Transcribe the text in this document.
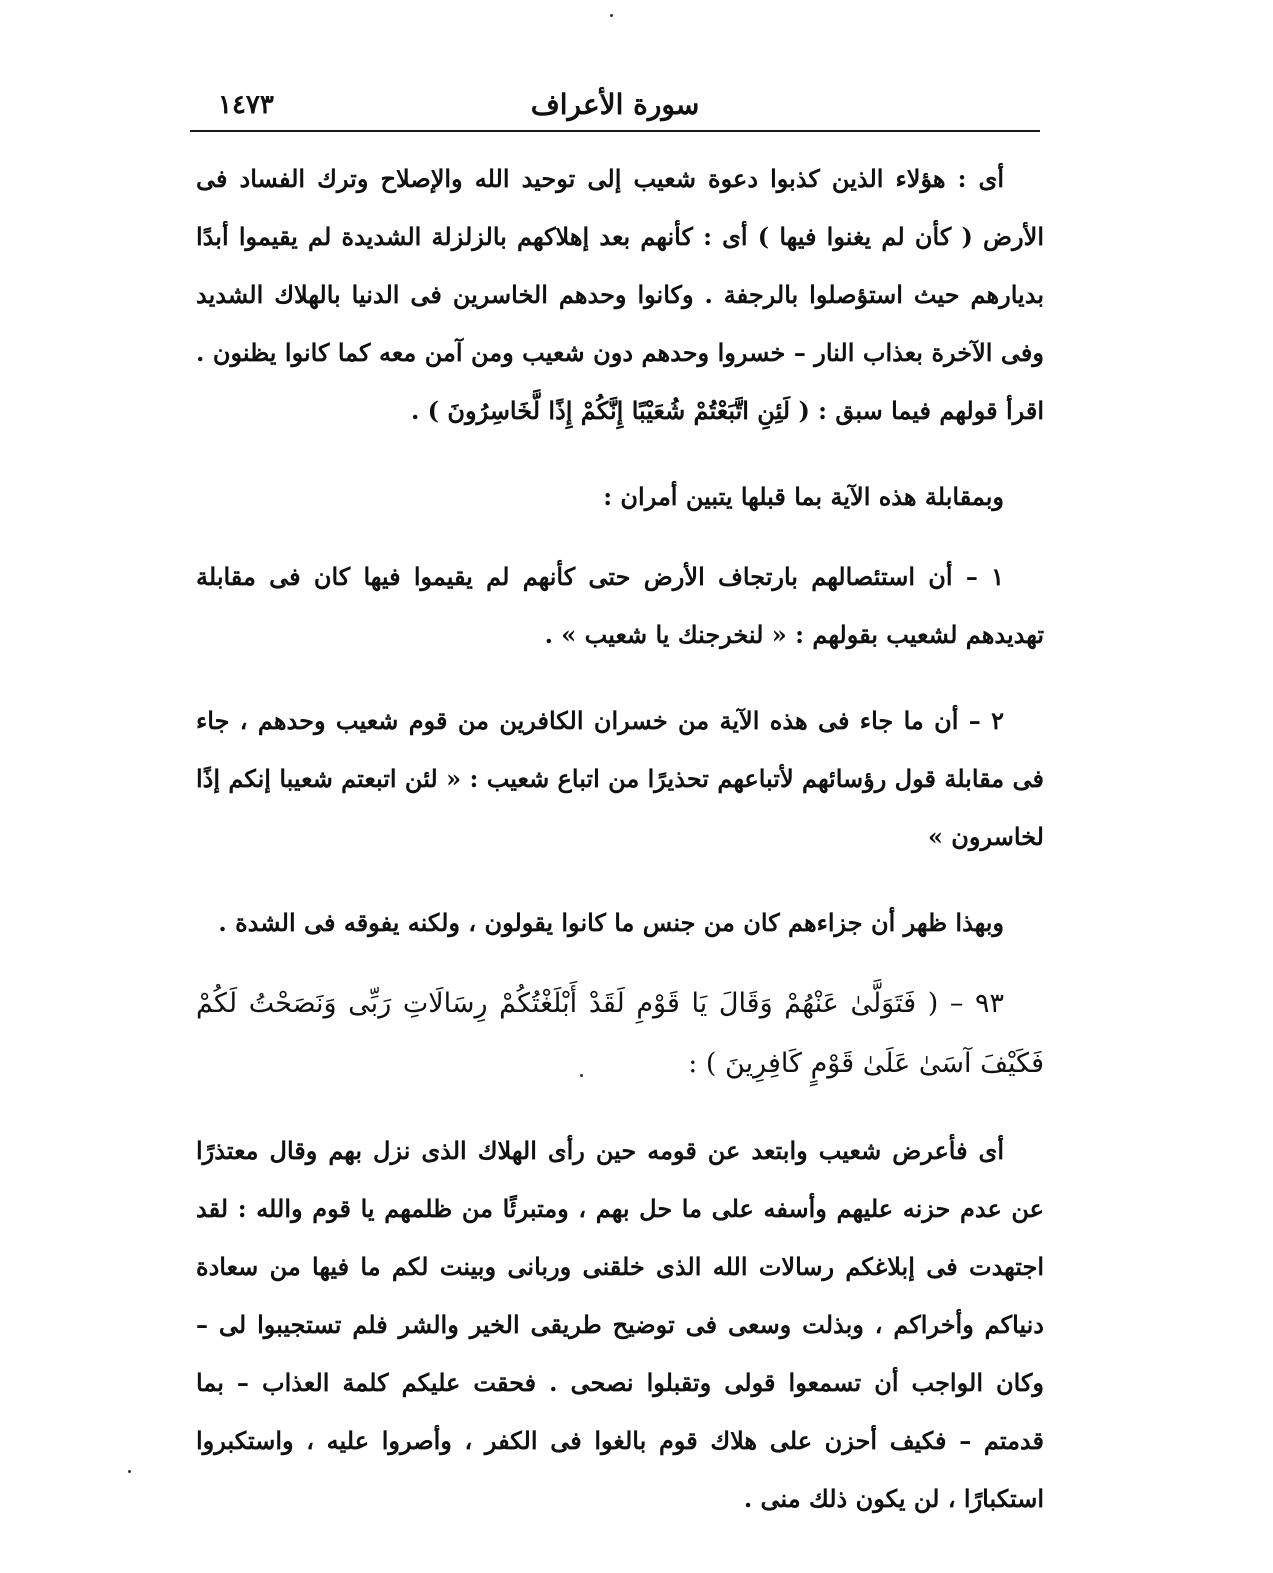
١٤٧٣	سورة الأعراف

أى : هؤلاء الذين كذبوا دعوة شعيب إلى توحيد الله والإصلاح وترك الفساد فى الأرض ( كأن لم يغنوا فيها ) أى : كأنهم بعد إهلاكهم بالزلزلة الشديدة لم يقيموا أبدًا بديارهم حيث استؤصلوا بالرجفة . وكانوا وحدهم الخاسرين فى الدنيا بالهلاك الشديد وفى الآخرة بعذاب النار – خسروا وحدهم دون شعيب ومن آمن معه كما كانوا يظنون . اقرأ قولهم فيما سبق : ( لَئِنِ اتَّبَعْتُمْ شُعَيْبًا إِنَّكُمْ إِذًا لَّخَاسِرُونَ ) .

وبمقابلة هذه الآية بما قبلها يتبين أمران :

١ – أن استئصالهم بارتجاف الأرض حتى كأنهم لم يقيموا فيها كان فى مقابلة تهديدهم لشعيب بقولهم : « لنخرجنك يا شعيب » .

٢ – أن ما جاء فى هذه الآية من خسران الكافرين من قوم شعيب وحدهم ، جاء فى مقابلة قول رؤسائهم لأتباعهم تحذيرًا من اتباع شعيب : « لئن اتبعتم شعيبا إنكم إذًا لخاسرون »

وبهذا ظهر أن جزاءهم كان من جنس ما كانوا يقولون ، ولكنه يفوقه فى الشدة .

٩٣ – ( فَتَوَلَّىٰ عَنْهُمْ وَقَالَ يَا قَوْمِ لَقَدْ أَبْلَغْتُكُمْ رِسَالَاتِ رَبِّى وَنَصَحْتُ لَكُمْ فَكَيْفَ آسَىٰ عَلَىٰ قَوْمٍ كَافِرِينَ ) :

أى فأعرض شعيب وابتعد عن قومه حين رأى الهلاك الذى نزل بهم وقال معتذرًا عن عدم حزنه عليهم وأسفه على ما حل بهم ، ومتبرئًا من ظلمهم يا قوم والله : لقد اجتهدت فى إبلاغكم رسالات الله الذى خلقنى وربانى وبينت لكم ما فيها من سعادة دنياكم وأخراكم ، وبذلت وسعى فى توضيح طريقى الخير والشر فلم تستجيبوا لى – وكان الواجب أن تسمعوا قولى وتقبلوا نصحى . فحقت عليكم كلمة العذاب – بما قدمتم – فكيف أحزن على هلاك قوم بالغوا فى الكفر ، وأصروا عليه ، واستكبروا استكبارًا ، لن يكون ذلك منى .
